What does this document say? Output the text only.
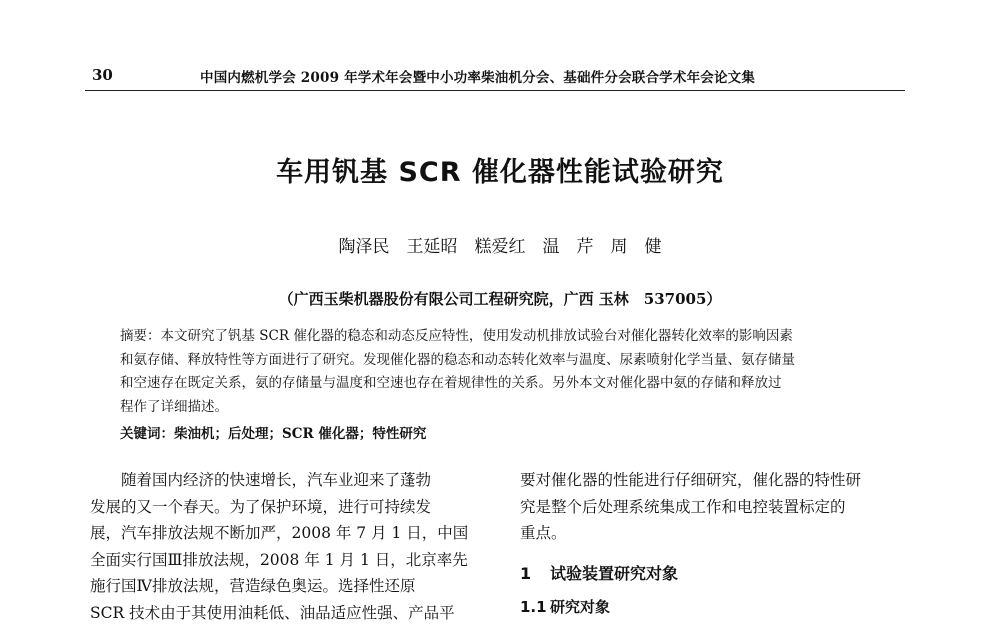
30	中国内燃机学会 2009 年学术年会暨中小功率柴油机分会、基础件分会联合学术年会论文集
车用钒基 SCR 催化器性能试验研究
陶泽民　王延昭　糕爱红　温　芹　周　健
（广西玉柴机器股份有限公司工程研究院，广西 玉林　537005）
摘要：本文研究了钒基 SCR 催化器的稳态和动态反应特性，使用发动机排放试验台对催化器转化效率的影响因素
和氨存储、释放特性等方面进行了研究。发现催化器的稳态和动态转化效率与温度、尿素喷射化学当量、氨存储量
和空速存在既定关系，氨的存储量与温度和空速也存在着规律性的关系。另外本文对催化器中氨的存储和释放过
程作了详细描述。
关键词：柴油机；后处理；SCR 催化器；特性研究
　　随着国内经济的快速增长，汽车业迎来了蓬勃
发展的又一个春天。为了保护环境，进行可持续发
展，汽车排放法规不断加严，2008 年 7 月 1 日，中国
全面实行国Ⅲ排放法规，2008 年 1 月 1 日，北京率先
施行国Ⅳ排放法规，营造绿色奥运。选择性还原
SCR 技术由于其使用油耗低、油品适应性强、产品平
要对催化器的性能进行仔细研究，催化器的特性研
究是整个后处理系统集成工作和电控装置标定的
重点。
1 试验装置研究对象
1.1 研究对象
